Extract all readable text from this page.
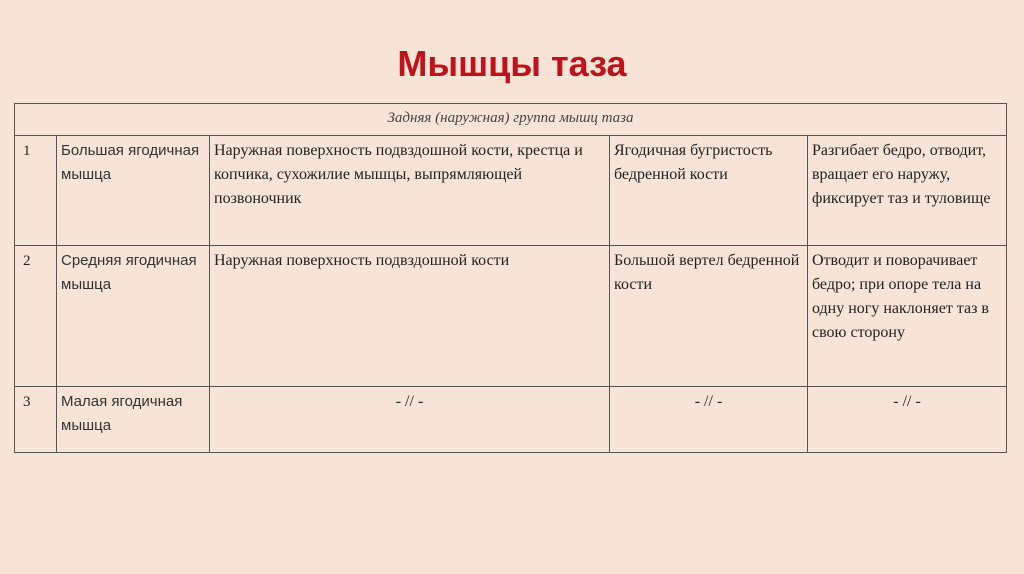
Мышцы таза
Задняя (наружная) группа мышц таза				
1	Большая ягодичная мышца	Наружная поверхность подвздошной кости, крестца и копчика, сухожилие мышцы, выпрямляющей позвоночник	Ягодичная бугристость бедренной кости	Разгибает бедро, отводит, вращает его наружу, фиксирует таз и туловище
2	Средняя ягодичная мышца	Наружная поверхность подвздошной кости	Большой вертел бедренной кости	Отводит и поворачивает бедро; при опоре тела на одну ногу наклоняет таз в свою сторону
3	Малая ягодичная мышца	- // -	- // -	- // -
